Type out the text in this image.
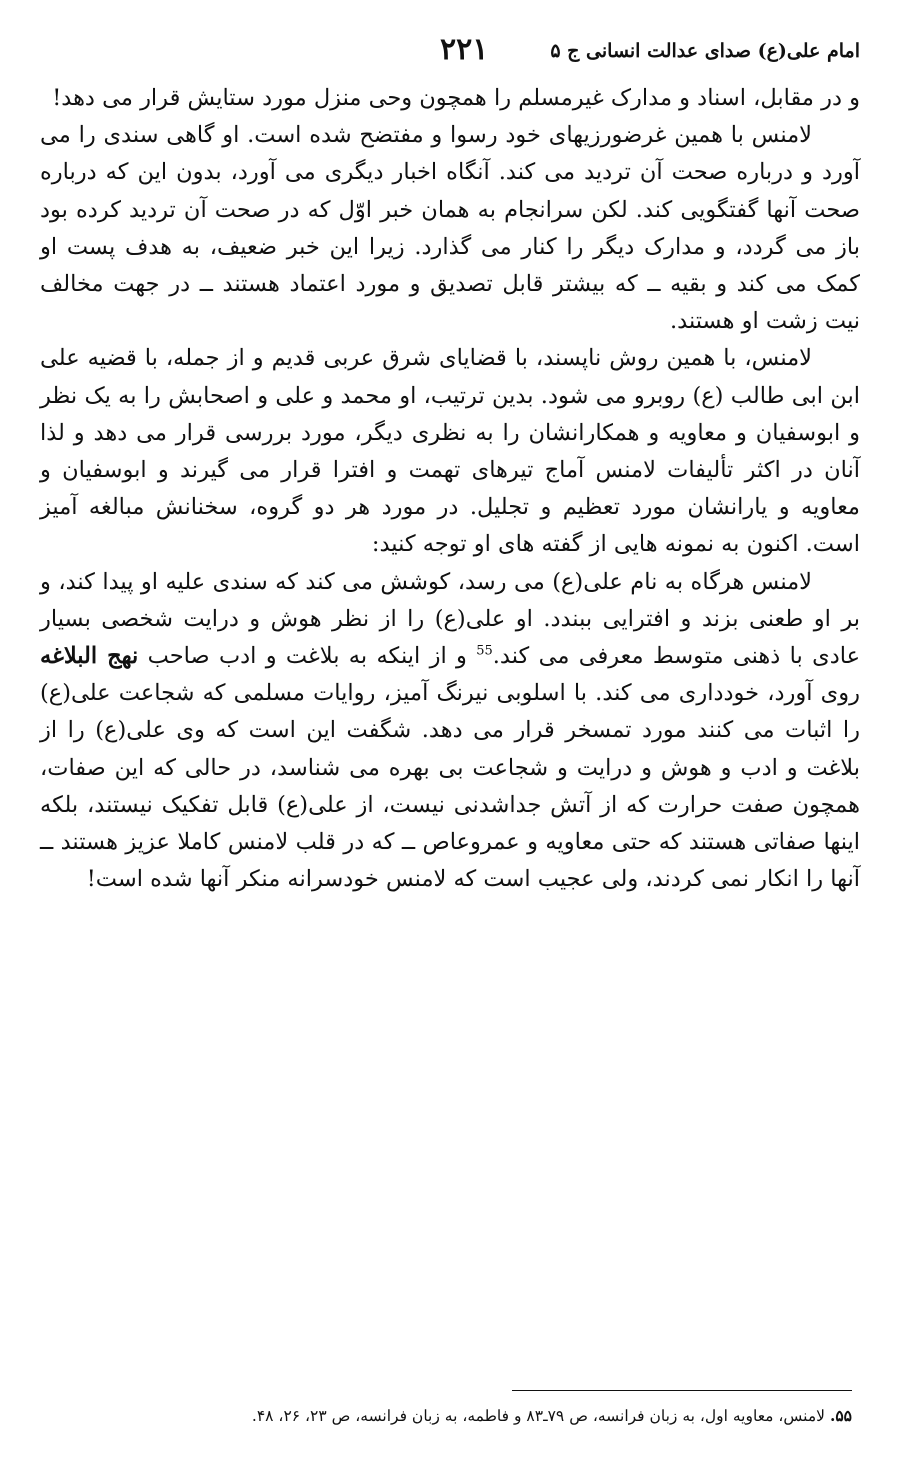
امام علی(ع) صدای عدالت انسانی ج ۵
۲۲۱

و در مقابل، اسناد و مدارک غیرمسلم را همچون وحی منزل مورد ستایش قرار می دهد!

لامنس با همین غرضورزیهای خود رسوا و مفتضح شده است. او گاهی سندی را می آورد و درباره صحت آن تردید می کند. آنگاه اخبار دیگری می آورد، بدون این که درباره صحت آنها گفتگویی کند. لکن سرانجام به همان خبر اوّل که در صحت آن تردید کرده بود باز می گردد، و مدارک دیگر را کنار می گذارد. زیرا این خبر ضعیف، به هدف پست او کمک می کند و بقیه ــ که بیشتر قابل تصدیق و مورد اعتماد هستند ــ در جهت مخالف نیت زشت او هستند.

لامنس، با همین روش ناپسند، با قضایای شرق عربی قدیم و از جمله، با قضیه علی ابن ابی طالب (ع) روبرو می شود. بدین ترتیب، او محمد و علی و اصحابش را به یک نظر و ابوسفیان و معاویه و همکارانشان را به نظری دیگر، مورد بررسی قرار می دهد و لذا آنان در اکثر تألیفات لامنس آماج تیرهای تهمت و افترا قرار می گیرند و ابوسفیان و معاویه و یارانشان مورد تعظیم و تجلیل. در مورد هر دو گروه، سخنانش مبالغه آمیز است. اکنون به نمونه هایی از گفته های او توجه کنید:

لامنس هرگاه به نام علی(ع) می رسد، کوشش می کند که سندی علیه او پیدا کند، و بر او طعنی بزند و افترایی ببندد. او علی(ع) را از نظر هوش و درایت شخصی بسیار عادی با ذهنی متوسط معرفی می کند.$^{55}$ و از اینکه به بلاغت و ادب صاحب نهج البلاغه روی آورد، خودداری می کند. با اسلوبی نیرنگ آمیز، روایات مسلمی که شجاعت علی(ع) را اثبات می کنند مورد تمسخر قرار می دهد. شگفت این است که وی علی(ع) را از بلاغت و ادب و هوش و درایت و شجاعت بی بهره می شناسد، در حالی که این صفات، همچون صفت حرارت که از آتش جداشدنی نیست، از علی(ع) قابل تفکیک نیستند، بلکه اینها صفاتی هستند که حتی معاویه و عمروعاص ــ که در قلب لامنس کاملا عزیز هستند ــ آنها را انکار نمی کردند، ولی عجیب است که لامنس خودسرانه منکر آنها شده است!

۵۵. لامنس، معاویه اول، به زبان فرانسه، ص ۷۹ـ۸۳ و فاطمه، به زبان فرانسه، ص ۲۳، ۲۶، ۴۸.
